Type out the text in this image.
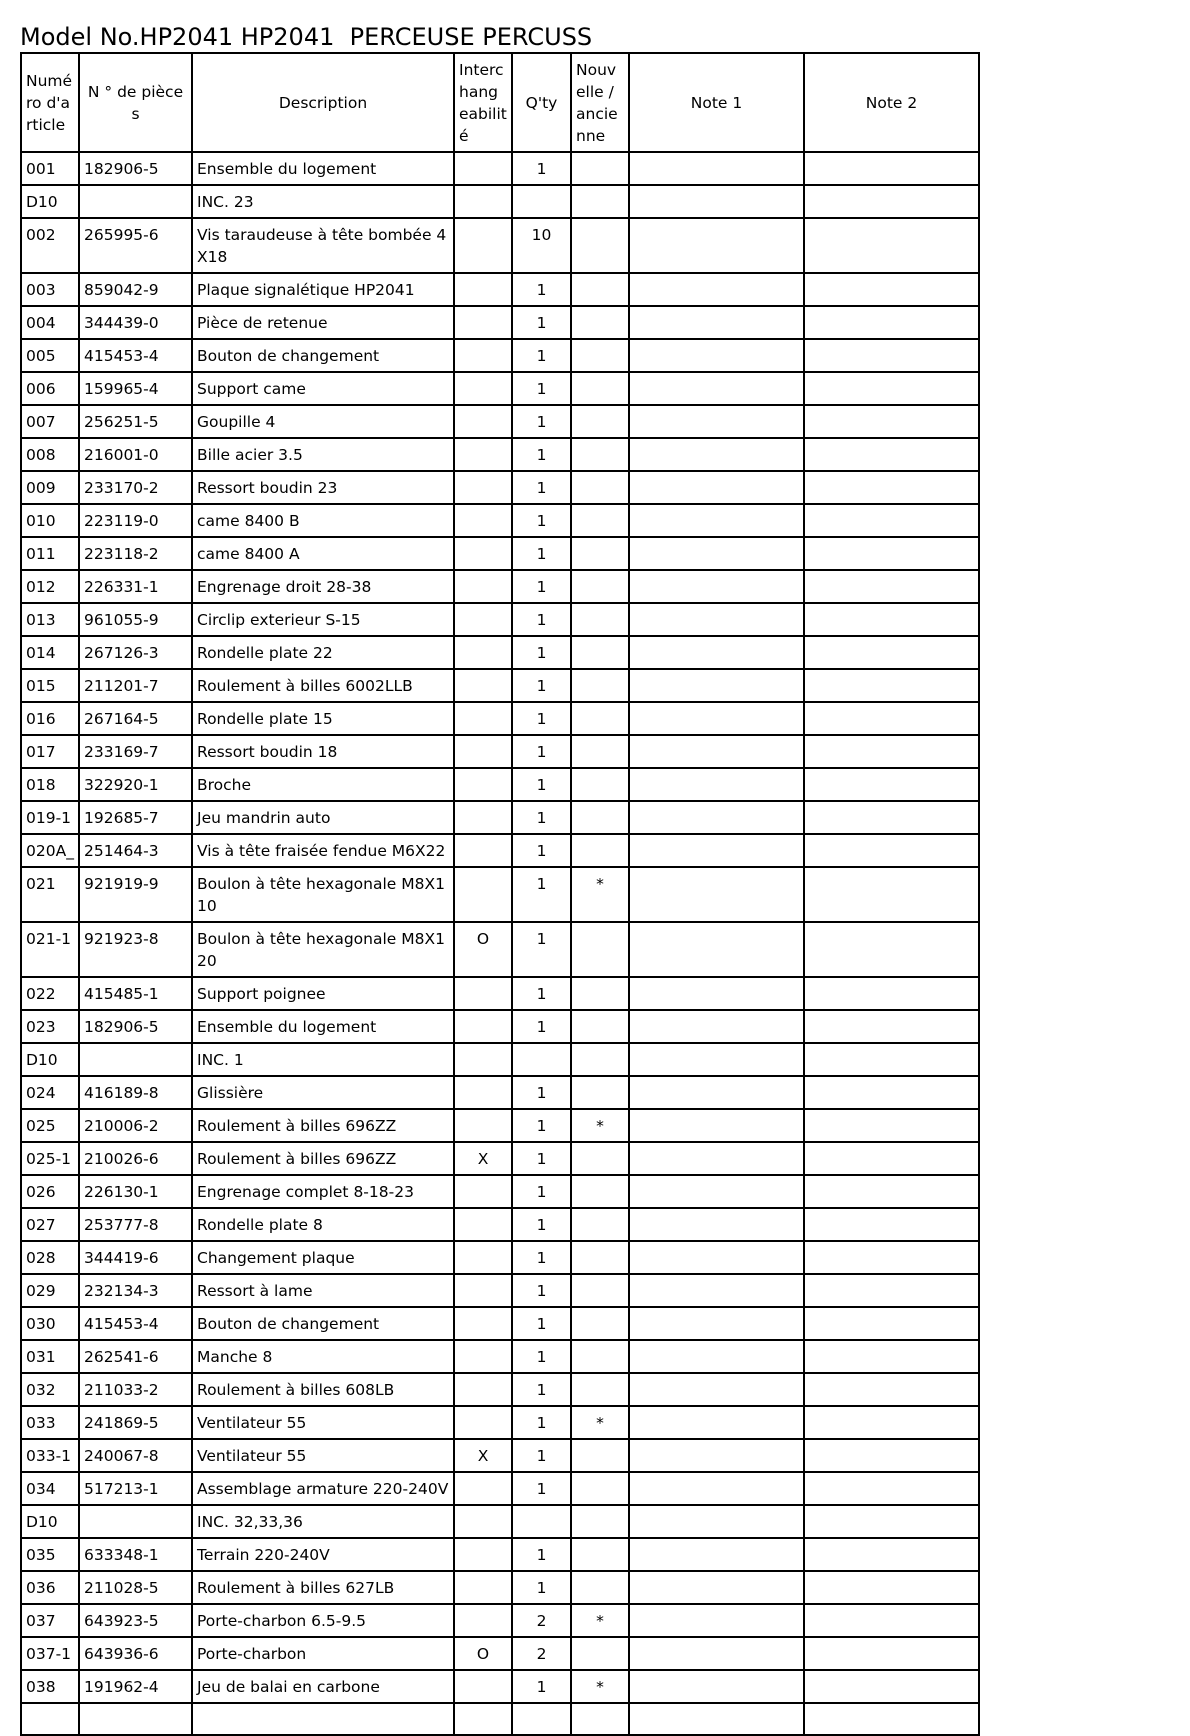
Model No.HP2041 HP2041  PERCEUSE PERCUSS
Numéro d'article	N ° de pièces	Description	Interchangeabilité	Q'ty	Nouvelle / ancienne	Note 1	Note 2
001	182906-5	Ensemble du logement		1			
D10		INC. 23					
002	265995-6	Vis taraudeuse à tête bombée 4X18		10			
003	859042-9	Plaque signalétique HP2041		1			
004	344439-0	Pièce de retenue		1			
005	415453-4	Bouton de changement		1			
006	159965-4	Support came		1			
007	256251-5	Goupille 4		1			
008	216001-0	Bille acier 3.5		1			
009	233170-2	Ressort boudin 23		1			
010	223119-0	came 8400 B		1			
011	223118-2	came 8400 A		1			
012	226331-1	Engrenage droit 28-38		1			
013	961055-9	Circlip exterieur S-15		1			
014	267126-3	Rondelle plate 22		1			
015	211201-7	Roulement à billes 6002LLB		1			
016	267164-5	Rondelle plate 15		1			
017	233169-7	Ressort boudin 18		1			
018	322920-1	Broche		1			
019-1	192685-7	Jeu mandrin auto		1			
020A_	251464-3	Vis à tête fraisée fendue M6X22		1			
021	921919-9	Boulon à tête hexagonale M8X110		1	*		
021-1	921923-8	Boulon à tête hexagonale M8X120	O	1			
022	415485-1	Support poignee		1			
023	182906-5	Ensemble du logement		1			
D10		INC. 1					
024	416189-8	Glissière		1			
025	210006-2	Roulement à billes 696ZZ		1	*		
025-1	210026-6	Roulement à billes 696ZZ	X	1			
026	226130-1	Engrenage complet 8-18-23		1			
027	253777-8	Rondelle plate 8		1			
028	344419-6	Changement plaque		1			
029	232134-3	Ressort à lame		1			
030	415453-4	Bouton de changement		1			
031	262541-6	Manche 8		1			
032	211033-2	Roulement à billes 608LB		1			
033	241869-5	Ventilateur 55		1	*		
033-1	240067-8	Ventilateur 55	X	1			
034	517213-1	Assemblage armature 220-240V		1			
D10		INC. 32,33,36					
035	633348-1	Terrain 220-240V		1			
036	211028-5	Roulement à billes 627LB		1			
037	643923-5	Porte-charbon 6.5-9.5		2	*		
037-1	643936-6	Porte-charbon	O	2			
038	191962-4	Jeu de balai en carbone		1	*		
